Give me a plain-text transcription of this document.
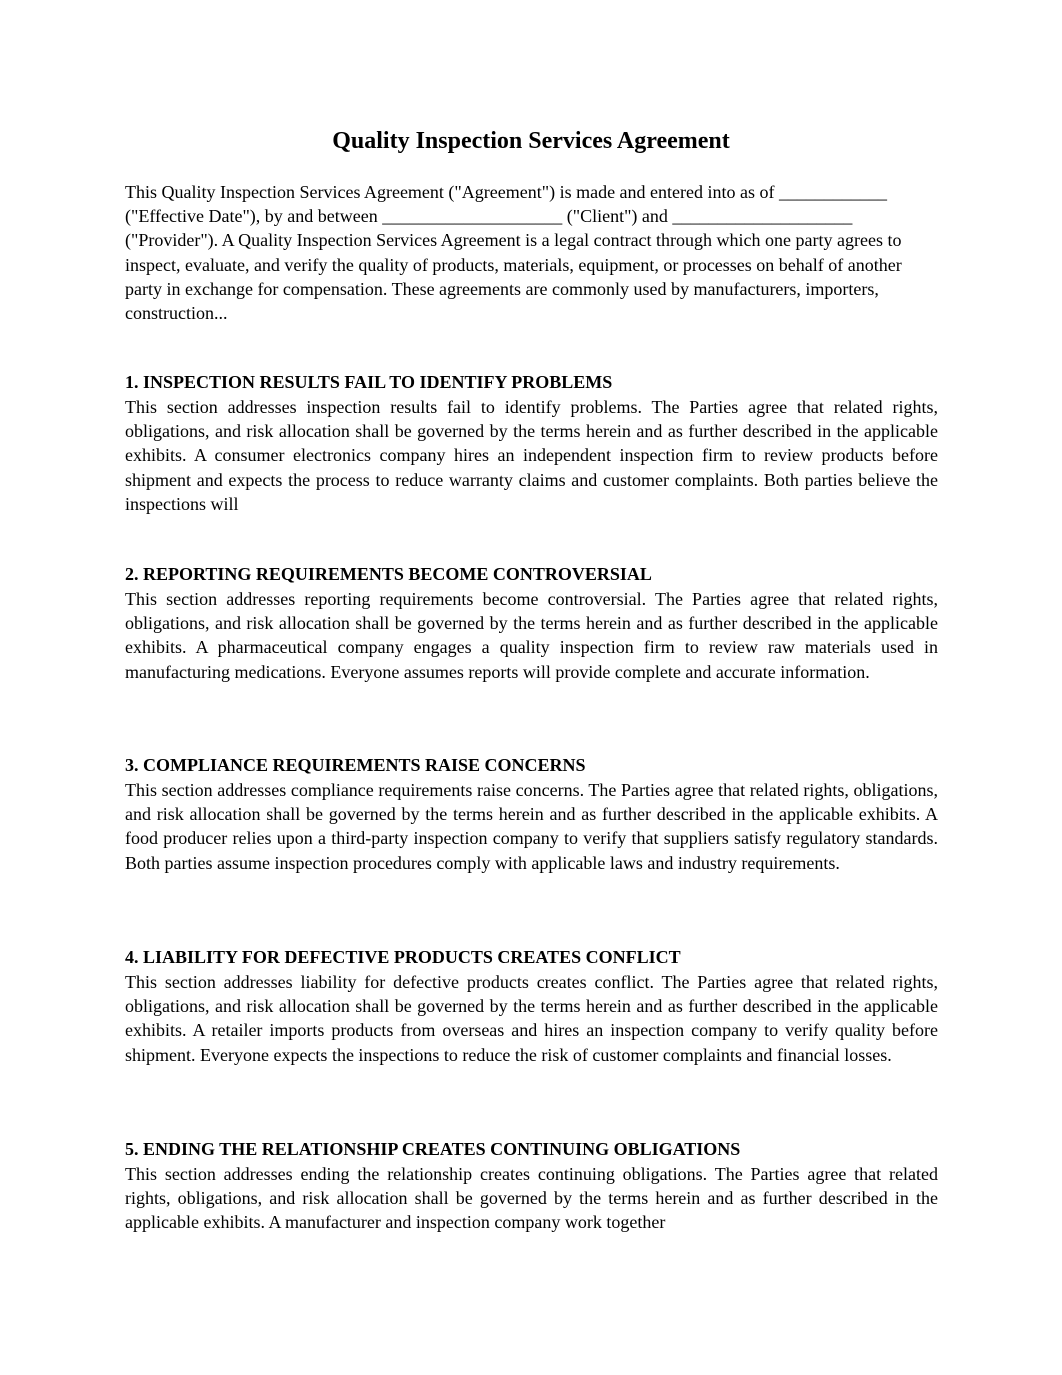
Quality Inspection Services Agreement

This Quality Inspection Services Agreement ("Agreement") is made and entered into as of ____________ ("Effective Date"), by and between ____________________ ("Client") and ____________________ ("Provider"). A Quality Inspection Services Agreement is a legal contract through which one party agrees to inspect, evaluate, and verify the quality of products, materials, equipment, or processes on behalf of another party in exchange for compensation. These agreements are commonly used by manufacturers, importers, construction...

1. INSPECTION RESULTS FAIL TO IDENTIFY PROBLEMS

This section addresses inspection results fail to identify problems. The Parties agree that related rights, obligations, and risk allocation shall be governed by the terms herein and as further described in the applicable exhibits. A consumer electronics company hires an independent inspection firm to review products before shipment and expects the process to reduce warranty claims and customer complaints. Both parties believe the inspections will

2. REPORTING REQUIREMENTS BECOME CONTROVERSIAL

This section addresses reporting requirements become controversial. The Parties agree that related rights, obligations, and risk allocation shall be governed by the terms herein and as further described in the applicable exhibits. A pharmaceutical company engages a quality inspection firm to review raw materials used in manufacturing medications. Everyone assumes reports will provide complete and accurate information.

3. COMPLIANCE REQUIREMENTS RAISE CONCERNS

This section addresses compliance requirements raise concerns. The Parties agree that related rights, obligations, and risk allocation shall be governed by the terms herein and as further described in the applicable exhibits. A food producer relies upon a third-party inspection company to verify that suppliers satisfy regulatory standards. Both parties assume inspection procedures comply with applicable laws and industry requirements.

4. LIABILITY FOR DEFECTIVE PRODUCTS CREATES CONFLICT

This section addresses liability for defective products creates conflict. The Parties agree that related rights, obligations, and risk allocation shall be governed by the terms herein and as further described in the applicable exhibits. A retailer imports products from overseas and hires an inspection company to verify quality before shipment. Everyone expects the inspections to reduce the risk of customer complaints and financial losses.

5. ENDING THE RELATIONSHIP CREATES CONTINUING OBLIGATIONS

This section addresses ending the relationship creates continuing obligations. The Parties agree that related rights, obligations, and risk allocation shall be governed by the terms herein and as further described in the applicable exhibits. A manufacturer and inspection company work together
